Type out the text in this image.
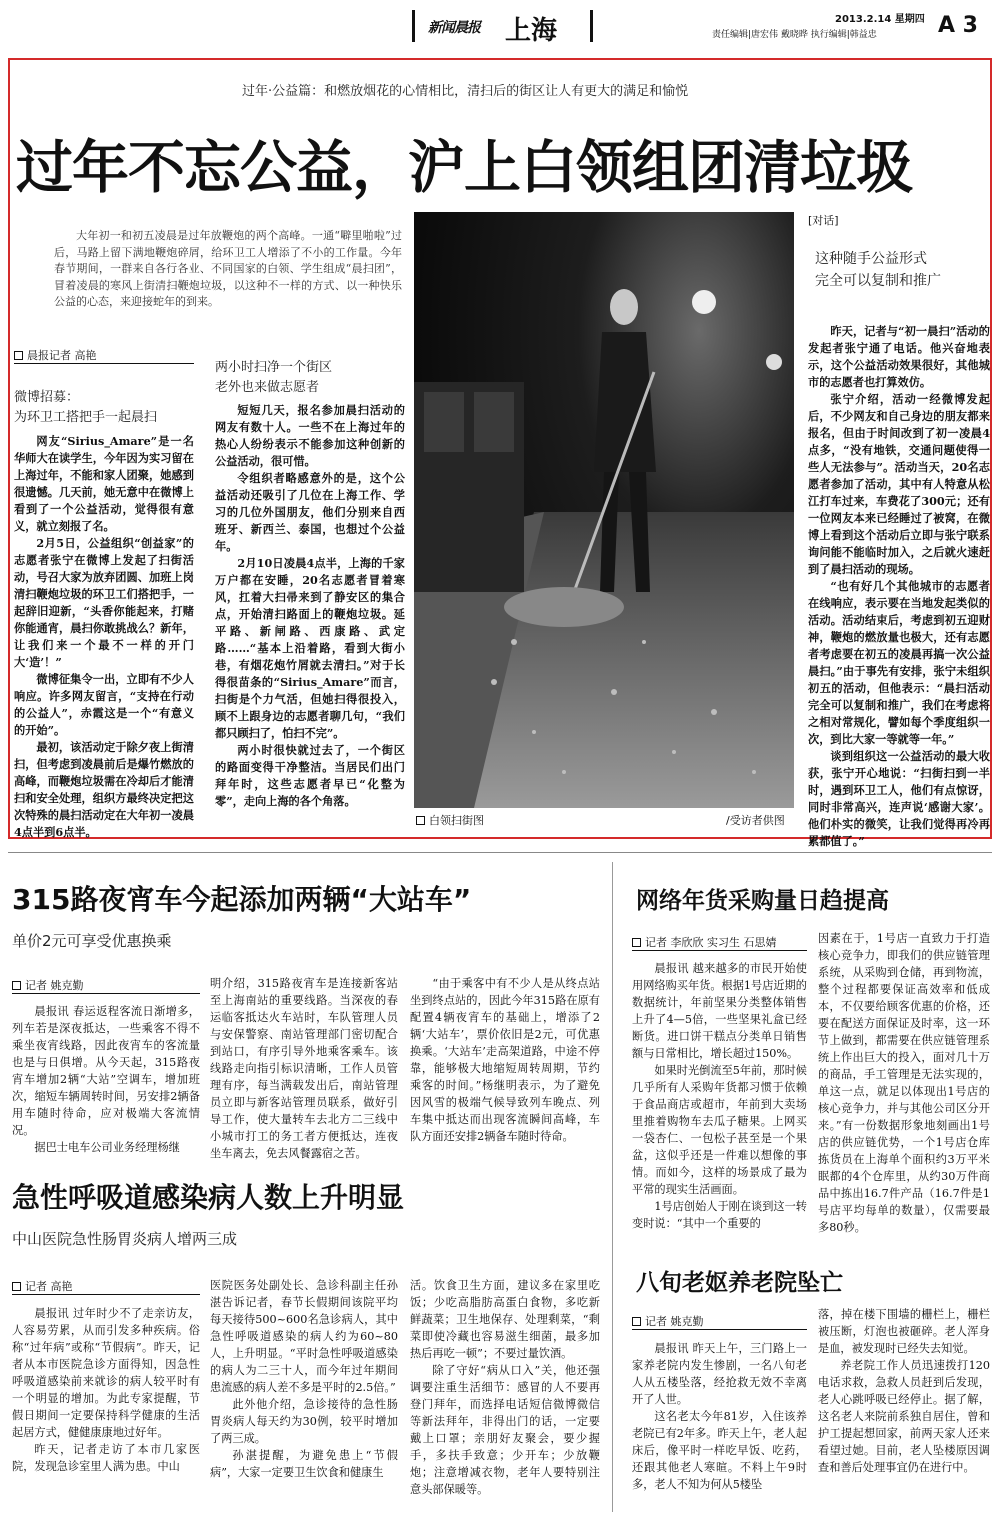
新闻晨报 上海	2013.2.14 星期四
责任编辑|唐宏伟 戴晓晔 执行编辑|韩益忠	A 3
过年·公益篇：和燃放烟花的心情相比，清扫后的街区让人有更大的满足和愉悦
过年不忘公益，沪上白领组团清垃圾

大年初一和初五凌晨是过年放鞭炮的两个高峰。一通“噼里啪啦”过后，马路上留下满地鞭炮碎屑，给环卫工人增添了不小的工作量。今年春节期间，一群来自各行各业、不同国家的白领、学生组成“晨扫团”，冒着凌晨的寒风上街清扫鞭炮垃圾，以这种不一样的方式、以一种快乐公益的心态，来迎接蛇年的到来。

晨报记者 高艳
微博招募：
为环卫工搭把手一起晨扫

网友“Sirius_Amare”是一名华师大在读学生，今年因为实习留在上海过年，不能和家人团聚，她感到很遗憾。几天前，她无意中在微博上看到了一个公益活动，觉得很有意义，就立刻报了名。

2月5日，公益组织“创益家”的志愿者张宁在微博上发起了扫街活动，号召大家为放弃团圆、加班上岗清扫鞭炮垃圾的环卫工们搭把手，一起辞旧迎新，“头香你能起来，打赌你能通宵，晨扫你敢挑战么？新年，让我们来一个最不一样的开门大‘造’！”

微博征集令一出，立即有不少人响应。许多网友留言，“支持在行动的公益人”，赤霞这是一个“有意义的开始”。

最初，该活动定于除夕夜上街清扫，但考虑到凌晨前后是爆竹燃放的高峰，而鞭炮垃圾需在冷却后才能清扫和安全处理，组织方最终决定把这次特殊的晨扫活动定在大年初一凌晨4点半到6点半。

两小时扫净一个街区
老外也来做志愿者

短短几天，报名参加晨扫活动的网友有数十人。一些不在上海过年的热心人纷纷表示不能参加这种创新的公益活动，很可惜。

令组织者略感意外的是，这个公益活动还吸引了几位在上海工作、学习的几位外国朋友，他们分别来自西班牙、新西兰、泰国，也想过个公益年。

2月10日凌晨4点半，上海的千家万户都在安睡，20名志愿者冒着寒风，扛着大扫帚来到了静安区的集合点，开始清扫路面上的鞭炮垃圾。延平路、新闸路、西康路、武定路……“基本上沿着路，看到大街小巷，有烟花炮竹屑就去清扫。”对于长得很苗条的“Sirius_Amare”而言，扫街是个力气活，但她扫得很投入，顾不上跟身边的志愿者聊几句，“我们都只顾扫了，怕扫不完”。

两小时很快就过去了，一个街区的路面变得干净整洁。当居民们出门拜年时，这些志愿者早已“化整为零”，走向上海的各个角落。

白领扫街图	/受访者供图
[对话]
这种随手公益形式
完全可以复制和推广

昨天，记者与“初一晨扫”活动的发起者张宁通了电话。他兴奋地表示，这个公益活动效果很好，其他城市的志愿者也打算效仿。

张宁介绍，活动一经微博发起后，不少网友和自己身边的朋友都来报名，但由于时间改到了初一凌晨4点多，“没有地铁，交通问题使得一些人无法参与”。活动当天，20名志愿者参加了活动，其中有人特意从松江打车过来，车费花了300元；还有一位网友本来已经睡过了被窝，在微博上看到这个活动后立即与张宁联系询问能不能临时加入，之后就火速赶到了晨扫活动的现场。

“也有好几个其他城市的志愿者在线响应，表示要在当地发起类似的活动。活动结束后，考虑到初五迎财神，鞭炮的燃放量也极大，还有志愿者考虑要在初五的凌晨再搞一次公益晨扫。”由于事先有安排，张宁未组织初五的活动，但他表示：“晨扫活动完全可以复制和推广，我们在考虑将之相对常规化，譬如每个季度组织一次，到比大家一等就等一年。”

谈到组织这一公益活动的最大收获，张宁开心地说：“扫街扫到一半时，遇到环卫工人，他们有点惊讶，同时非常高兴，连声说‘感谢大家’。他们朴实的微笑，让我们觉得再冷再累都值了。”

315路夜宵车今起添加两辆“大站车”
单价2元可享受优惠换乘
记者 姚克勤

晨报讯 春运返程客流日渐增多，列车若是深夜抵达，一些乘客不得不乘坐夜宵线路，因此夜宵车的客流量也是与日俱增。从今天起，315路夜宵车增加2辆“大站”空调车，增加班次，缩短车辆周转时间，另安排2辆备用车随时待命，应对极端大客流情况。

据巴士电车公司业务经理杨继

明介绍，315路夜宵车是连接新客站至上海南站的重要线路。当深夜的春运临客抵达火车站时，车队管理人员与安保警察、南站管理部门密切配合到站口，有序引导外地乘客乘车。该线路走向指引标识清晰，工作人员管理有序，每当满载发出后，南站管理员立即与新客站管理员联系，做好引导工作，使大量转车去北方二三线中小城市打工的务工者方便抵达，连夜坐车离去，免去风餐露宿之苦。

“由于乘客中有不少人是从终点站坐到终点站的，因此今年315路在原有配置4辆夜宵车的基础上，增添了2辆‘大站车’，票价依旧是2元，可优惠换乘。‘大站车’走高架道路，中途不停靠，能够极大地缩短周转周期，节约乘客的时间。”杨继明表示，为了避免因风雪的极端气候导致列车晚点、列车集中抵达而出现客流瞬间高峰，车队方面还安排2辆备车随时待命。

急性呼吸道感染病人数上升明显
中山医院急性肠胃炎病人增两三成
记者 高艳

晨报讯 过年时少不了走亲访友，人容易劳累，从而引发多种疾病。俗称“过年病”或称“节假病”。昨天，记者从本市医院急诊方面得知，因急性呼吸道感染前来就诊的病人较平时有一个明显的增加。为此专家提醒，节假日期间一定要保持科学健康的生活起居方式，健健康康地过好年。

昨天，记者走访了本市几家医院，发现急诊室里人满为患。中山

医院医务处副处长、急诊科副主任孙湛告诉记者，春节长假期间该院平均每天接待500~600名急诊病人，其中急性呼吸道感染的病人约为60~80人，上升明显。“平时急性呼吸道感染的病人为二三十人，而今年过年期间患流感的病人差不多是平时的2.5倍。”

此外他介绍，急诊接待的急性肠胃炎病人每天约为30例，较平时增加了两三成。

孙湛提醒，为避免患上“节假病”，大家一定要卫生饮食和健康生

活。饮食卫生方面，建议多在家里吃饭；少吃高脂肪高蛋白食物，多吃新鲜蔬菜；卫生地保存、处理剩菜，“剩菜即使冷藏也容易滋生细菌，最多加热后再吃一顿”；不要过量饮酒。

除了守好“病从口入”关，他还强调要注重生活细节：感冒的人不要再登门拜年，而选择电话短信微博微信等新法拜年，非得出门的话，一定要戴上口罩；亲朋好友聚会，要少握手，多扶手致意；少开车；少放鞭炮；注意增减衣物，老年人要特别注意头部保暖等。

网络年货采购量日趋提高
记者 李欣欣 实习生 石思婧

晨报讯 越来越多的市民开始使用网络购买年货。根据1号店近期的数据统计，年前坚果分类整体销售上升了4—5倍，一些坚果礼盒已经断货。进口饼干糕点分类单日销售额与日常相比，增长超过150%。

如果时光倒流至5年前，那时候几乎所有人采购年货都习惯于依赖于食品商店或超市，年前到大卖场里推着购物车去瓜子糖果。上网买一袋杏仁、一包松子甚至是一个果盆，这似乎还是一件难以想像的事情。而如今，这样的场景成了最为平常的现实生活画面。

1号店创始人于刚在谈到这一转变时说：“其中一个重要的

因素在于，1号店一直致力于打造核心竞争力，即我们的供应链管理系统，从采购到仓储，再到物流，整个过程都要保证高效率和低成本，不仅要给顾客优惠的价格，还要在配送方面保证及时率，这一环节上做到，都需要在供应链管理系统上作出巨大的投入，面对几十万的商品，手工管理是无法实现的，单这一点，就足以体现出1号店的核心竞争力，并与其他公司区分开来。”有一份数据形象地刻画出1号店的供应链优势，一个1号店仓库拣货员在上海单个面积约3万平米眠都的4个仓库里，从约30万件商品中拣出16.7件产品（16.7件是1号店平均每单的数量），仅需要最多80秒。

八旬老妪养老院坠亡
记者 姚克勤

晨报讯 昨天上午，三门路上一家养老院内发生惨剧，一名八旬老人从五楼坠落，经抢救无效不幸离开了人世。

这名老太今年81岁，入住该养老院已有2年多。昨天上午，老人起床后，像平时一样吃早饭、吃药，还跟其他老人寒暄。不料上午9时多，老人不知为何从5楼坠

落，掉在楼下围墙的栅栏上，栅栏被压断，灯泡也被砸碎。老人浑身是血，被发现时已经失去知觉。

养老院工作人员迅速拨打120电话求救，急救人员赶到后发现，老人心跳呼吸已经停止。据了解，这名老人来院前系独自居住，曾和护工提起想回家，前两天家人还来看望过她。目前，老人坠楼原因调查和善后处理事宜仍在进行中。
